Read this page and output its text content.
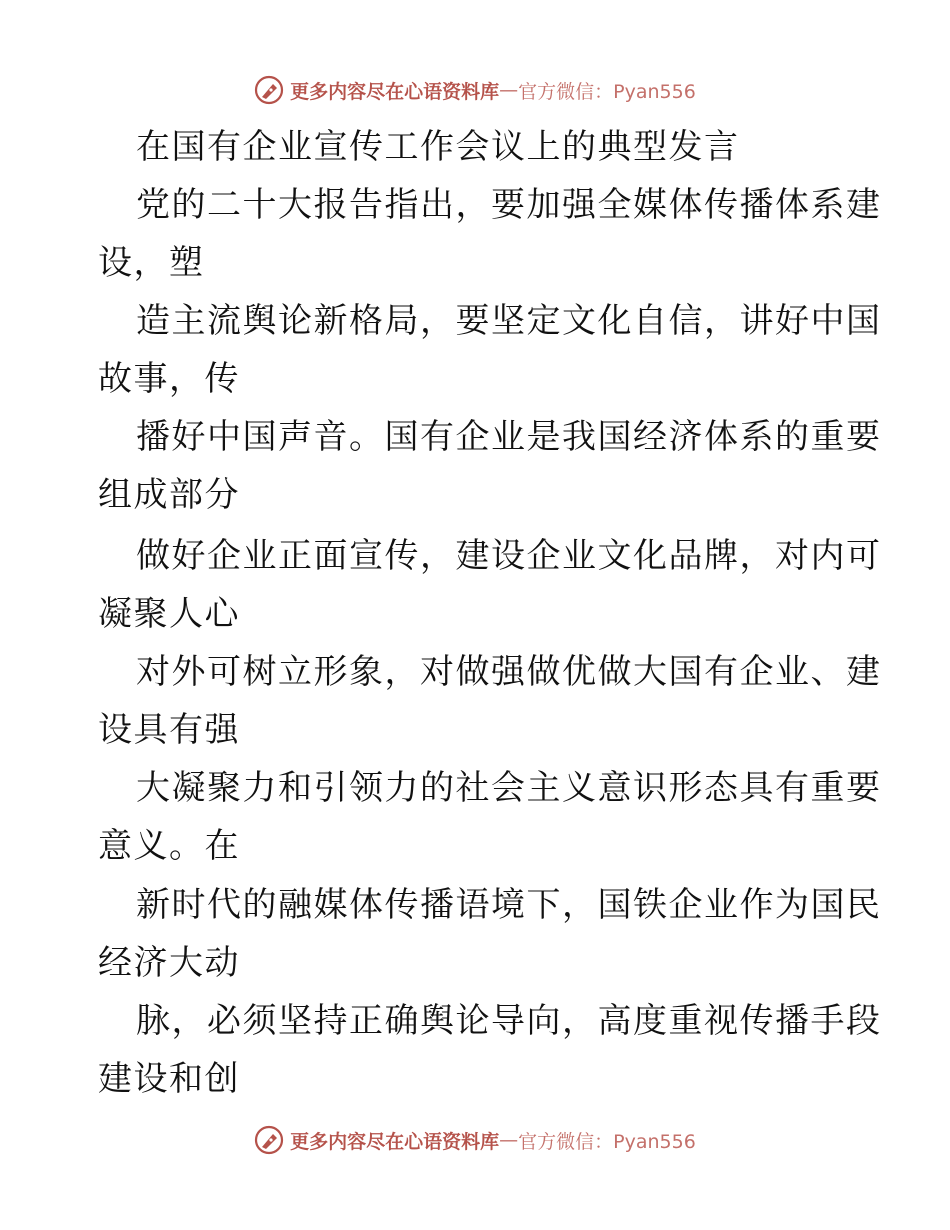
更多内容尽在心语资料库 — 官方微信：Pyan556
在国有企业宣传工作会议上的典型发言
党的二十大报告指出，要加强全媒体传播体系建
设，塑
造主流舆论新格局，要坚定文化自信，讲好中国
故事，传
播好中国声音。国有企业是我国经济体系的重要
组成部分
做好企业正面宣传，建设企业文化品牌，对内可
凝聚人心
对外可树立形象，对做强做优做大国有企业、建
设具有强
大凝聚力和引领力的社会主义意识形态具有重要
意义。在
新时代的融媒体传播语境下，国铁企业作为国民
经济大动
脉，必须坚持正确舆论导向，高度重视传播手段
建设和创
更多内容尽在心语资料库 — 官方微信：Pyan556
